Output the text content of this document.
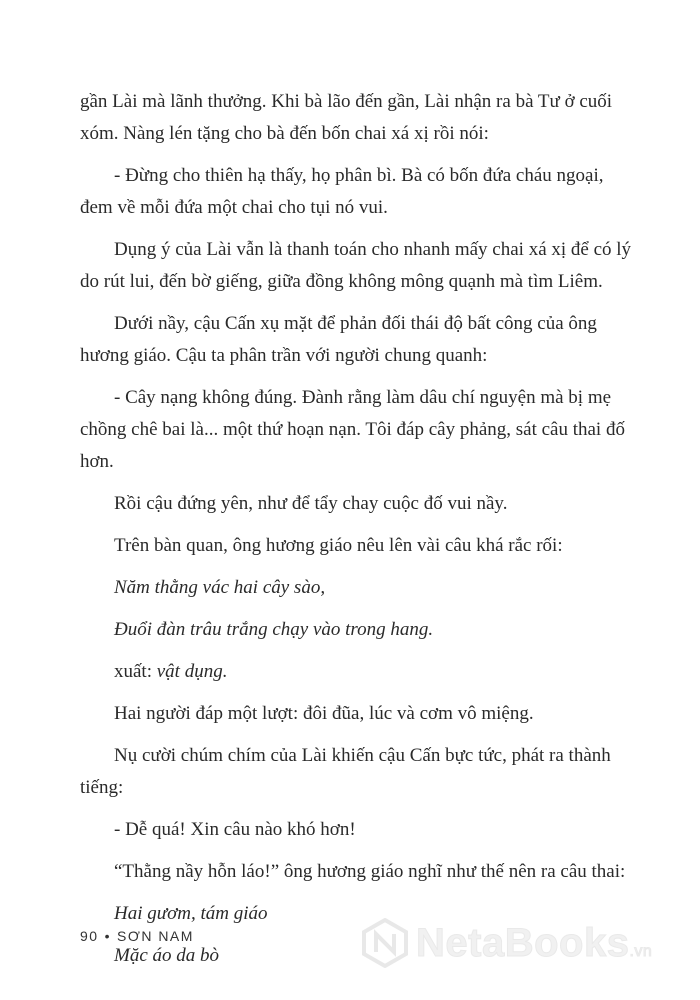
gần Lài mà lãnh thưởng. Khi bà lão đến gần, Lài nhận ra bà Tư ở cuối xóm. Nàng lén tặng cho bà đến bốn chai xá xị rồi nói:

- Đừng cho thiên hạ thấy, họ phân bì. Bà có bốn đứa cháu ngoại, đem về mỗi đứa một chai cho tụi nó vui.

Dụng ý của Lài vẫn là thanh toán cho nhanh mấy chai xá xị để có lý do rút lui, đến bờ giếng, giữa đồng không mông quạnh mà tìm Liêm.

Dưới nầy, cậu Cấn xụ mặt để phản đối thái độ bất công của ông hương giáo. Cậu ta phân trần với người chung quanh:

- Cây nạng không đúng. Đành rằng làm dâu chí nguyện mà bị mẹ chồng chê bai là... một thứ hoạn nạn. Tôi đáp cây phảng, sát câu thai đố hơn.

Rồi cậu đứng yên, như để tẩy chay cuộc đố vui nầy.

Trên bàn quan, ông hương giáo nêu lên vài câu khá rắc rối:

Năm thằng vác hai cây sào,

Đuổi đàn trâu trắng chạy vào trong hang.

xuất: vật dụng.

Hai người đáp một lượt: đôi đũa, lúc và cơm vô miệng.

Nụ cười chúm chím của Lài khiến cậu Cấn bực tức, phát ra thành tiếng:

- Dễ quá! Xin câu nào khó hơn!

“Thằng nầy hỗn láo!” ông hương giáo nghĩ như thế nên ra câu thai:

Hai gươm, tám giáo

Mặc áo da bò

90 • SƠN NAM	NetaBooks.vn
